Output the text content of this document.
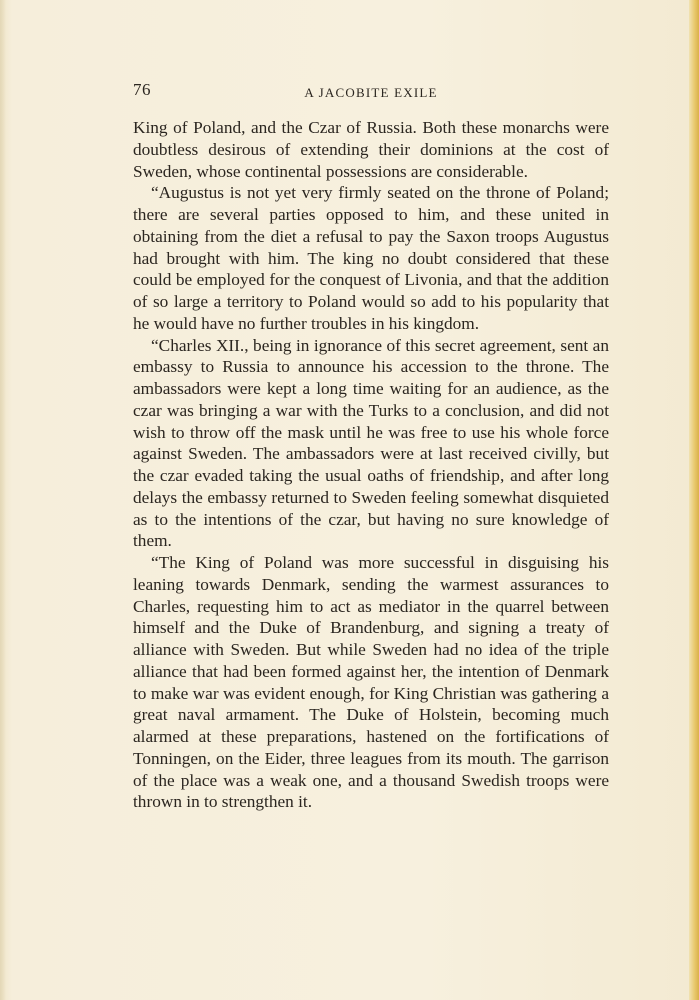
76	A JACOBITE EXILE

King of Poland, and the Czar of Russia. Both these monarchs were doubtless desirous of extending their dominions at the cost of Sweden, whose continental possessions are considerable.

“Augustus is not yet very firmly seated on the throne of Poland; there are several parties opposed to him, and these united in obtaining from the diet a refusal to pay the Saxon troops Augustus had brought with him. The king no doubt considered that these could be employed for the conquest of Livonia, and that the addition of so large a territory to Poland would so add to his popularity that he would have no further troubles in his kingdom.

“Charles XII., being in ignorance of this secret agreement, sent an embassy to Russia to announce his accession to the throne. The ambassadors were kept a long time waiting for an audience, as the czar was bringing a war with the Turks to a conclusion, and did not wish to throw off the mask until he was free to use his whole force against Sweden. The ambassadors were at last received civilly, but the czar evaded taking the usual oaths of friendship, and after long delays the embassy returned to Sweden feeling somewhat disquieted as to the intentions of the czar, but having no sure knowledge of them.

“The King of Poland was more successful in disguising his leaning towards Denmark, sending the warmest assurances to Charles, requesting him to act as mediator in the quarrel between himself and the Duke of Brandenburg, and signing a treaty of alliance with Sweden. But while Sweden had no idea of the triple alliance that had been formed against her, the intention of Denmark to make war was evident enough, for King Christian was gathering a great naval armament. The Duke of Holstein, becoming much alarmed at these preparations, hastened on the fortifications of Tonningen, on the Eider, three leagues from its mouth. The garrison of the place was a weak one, and a thousand Swedish troops were thrown in to strengthen it.
